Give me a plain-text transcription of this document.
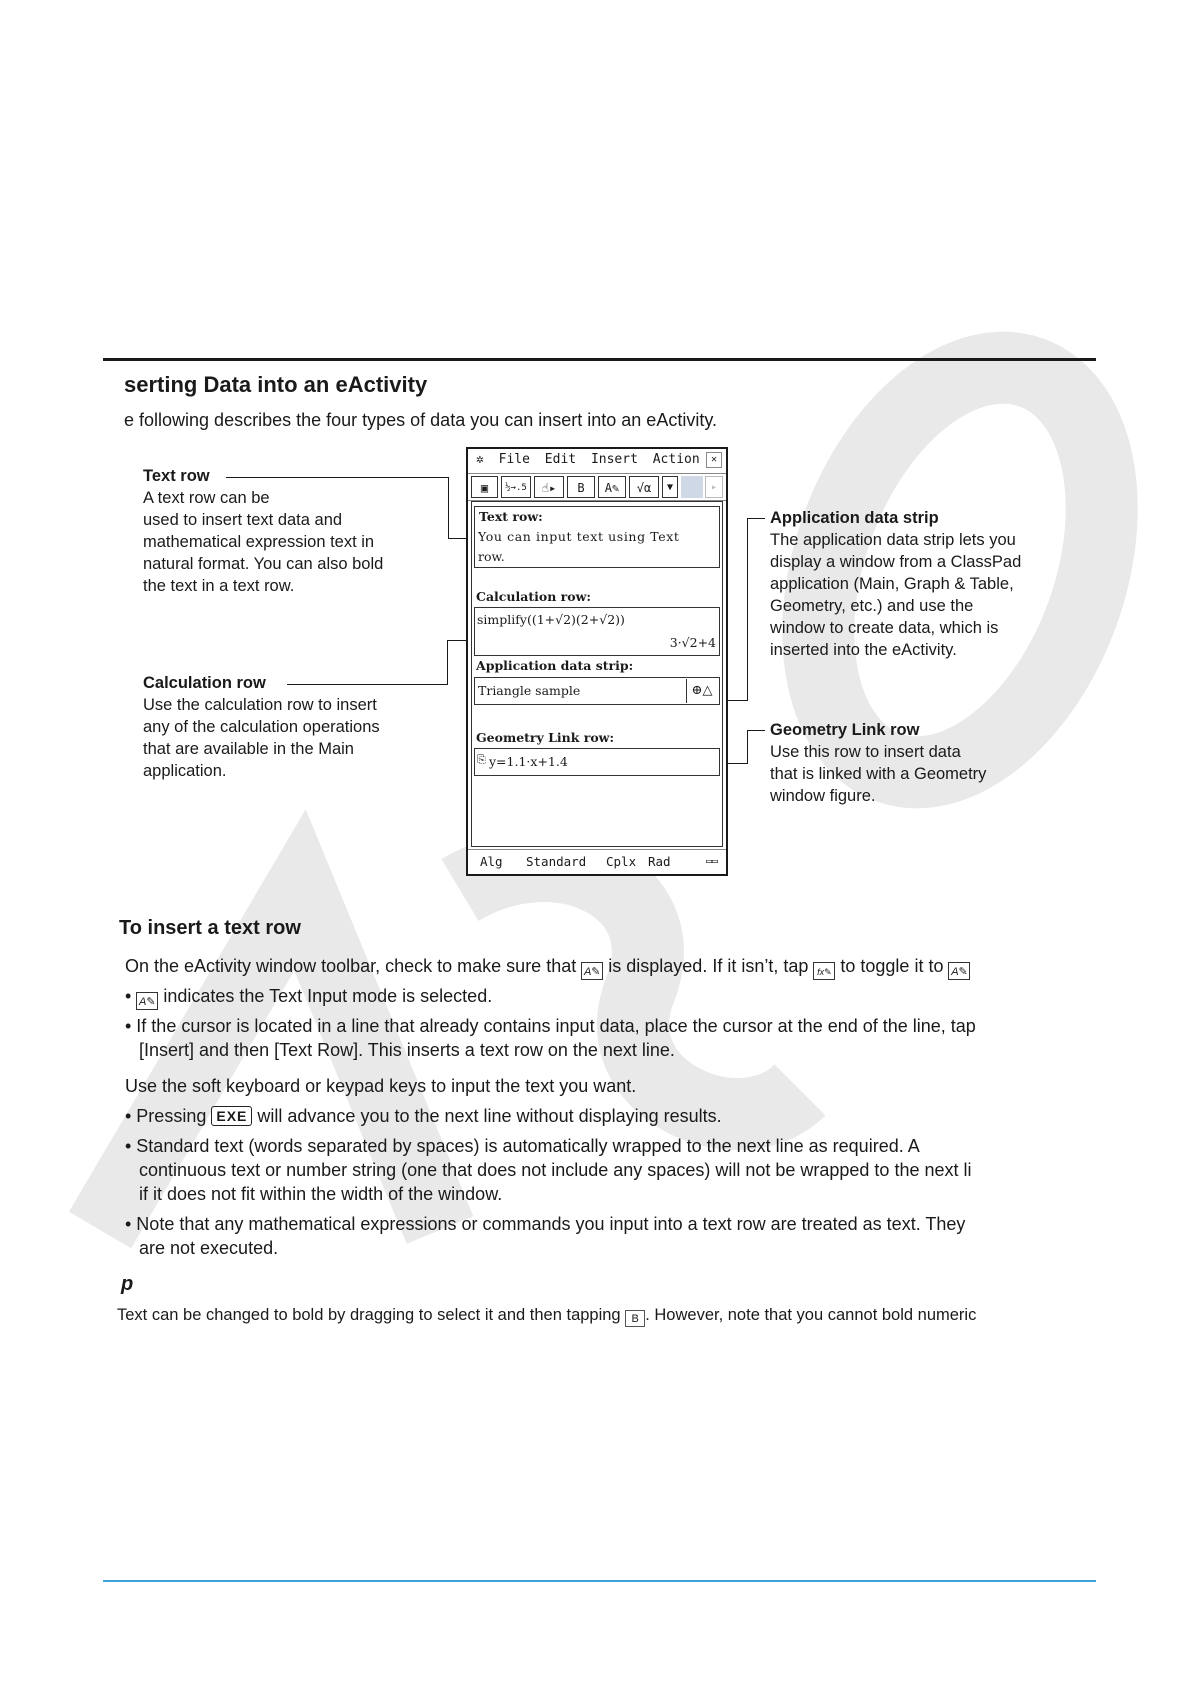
serting Data into an eActivity
e following describes the four types of data you can insert into an eActivity.
Text row
A text row can be
used to insert text data and
mathematical expression text in
natural format. You can also bold
the text in a text row.
Calculation row
Use the calculation row to insert
any of the calculation operations
that are available in the Main
application.
Application data strip
The application data strip lets you
display a window from a ClassPad
application (Main, Graph & Table,
Geometry, etc.) and use the
window to create data, which is
inserted into the eActivity.
Geometry Link row
Use this row to insert data
that is linked with a Geometry
window figure.
✲ File Edit Insert Action	✕
▣	½→.5	☝▸	B	A✎	√α	▼	▸
Text row:
You can input text using Text
row.
Calculation row:
simplify((1+√2)(2+√2))
3·√2+4
Application data strip:
Triangle sample	⊕△
Geometry Link row:
⎘ y=1.1·x+1.4
Alg Standard Cplx Rad	▭▭
To insert a text row
On the eActivity window toolbar, check to make sure that A✎ is displayed. If it isn’t, tap fx✎ to toggle it to A✎
• A✎ indicates the Text Input mode is selected.
• If the cursor is located in a line that already contains input data, place the cursor at the end of the line, tap
[Insert] and then [Text Row]. This inserts a text row on the next line.
Use the soft keyboard or keypad keys to input the text you want.
• Pressing EXE will advance you to the next line without displaying results.
• Standard text (words separated by spaces) is automatically wrapped to the next line as required. A
continuous text or number string (one that does not include any spaces) will not be wrapped to the next li
if it does not fit within the width of the window.
• Note that any mathematical expressions or commands you input into a text row are treated as text. They
are not executed.
p
Text can be changed to bold by dragging to select it and then tapping B . However, note that you cannot bold numeric
